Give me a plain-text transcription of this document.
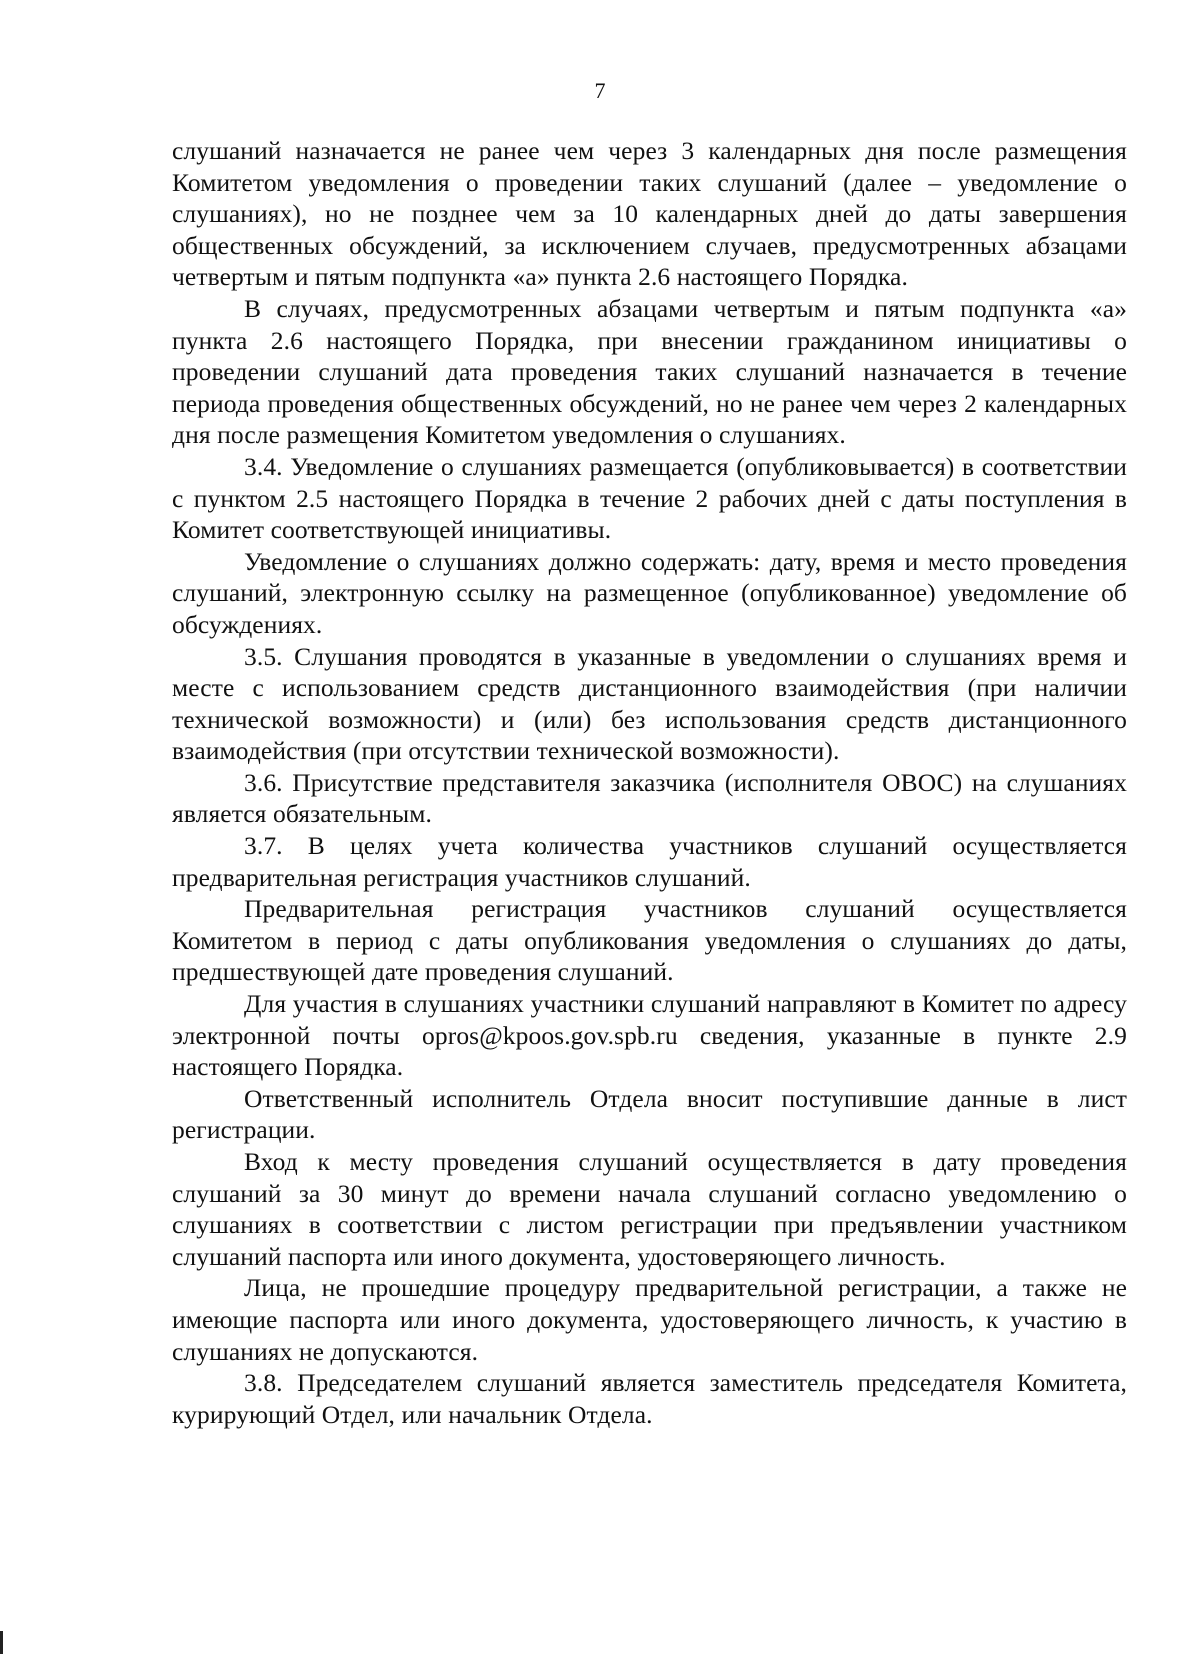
7

слушаний назначается не ранее чем через 3 календарных дня после размещения Комитетом уведомления о проведении таких слушаний (далее – уведомление о слушаниях), но не позднее чем за 10 календарных дней до даты завершения общественных обсуждений, за исключением случаев, предусмотренных абзацами четвертым и пятым подпункта «а» пункта 2.6 настоящего Порядка.

В случаях, предусмотренных абзацами четвертым и пятым подпункта «а» пункта 2.6 настоящего Порядка, при внесении гражданином инициативы о проведении слушаний дата проведения таких слушаний назначается в течение периода проведения общественных обсуждений, но не ранее чем через 2 календарных дня после размещения Комитетом уведомления о слушаниях.

3.4. Уведомление о слушаниях размещается (опубликовывается) в соответствии с пунктом 2.5 настоящего Порядка в течение 2 рабочих дней с даты поступления в Комитет соответствующей инициативы.

Уведомление о слушаниях должно содержать: дату, время и место проведения слушаний, электронную ссылку на размещенное (опубликованное) уведомление об обсуждениях.

3.5. Слушания проводятся в указанные в уведомлении о слушаниях время и месте с использованием средств дистанционного взаимодействия (при наличии технической возможности) и (или) без использования средств дистанционного взаимодействия (при отсутствии технической возможности).

3.6. Присутствие представителя заказчика (исполнителя ОВОС) на слушаниях является обязательным.

3.7. В целях учета количества участников слушаний осуществляется предварительная регистрация участников слушаний.

Предварительная регистрация участников слушаний осуществляется Комитетом в период с даты опубликования уведомления о слушаниях до даты, предшествующей дате проведения слушаний.

Для участия в слушаниях участники слушаний направляют в Комитет по адресу электронной почты opros@kpoos.gov.spb.ru сведения, указанные в пункте 2.9 настоящего Порядка.

Ответственный исполнитель Отдела вносит поступившие данные в лист регистрации.

Вход к месту проведения слушаний осуществляется в дату проведения слушаний за 30 минут до времени начала слушаний согласно уведомлению о слушаниях в соответствии с листом регистрации при предъявлении участником слушаний паспорта или иного документа, удостоверяющего личность.

Лица, не прошедшие процедуру предварительной регистрации, а также не имеющие паспорта или иного документа, удостоверяющего личность, к участию в слушаниях не допускаются.

3.8. Председателем слушаний является заместитель председателя Комитета, курирующий Отдел, или начальник Отдела.
